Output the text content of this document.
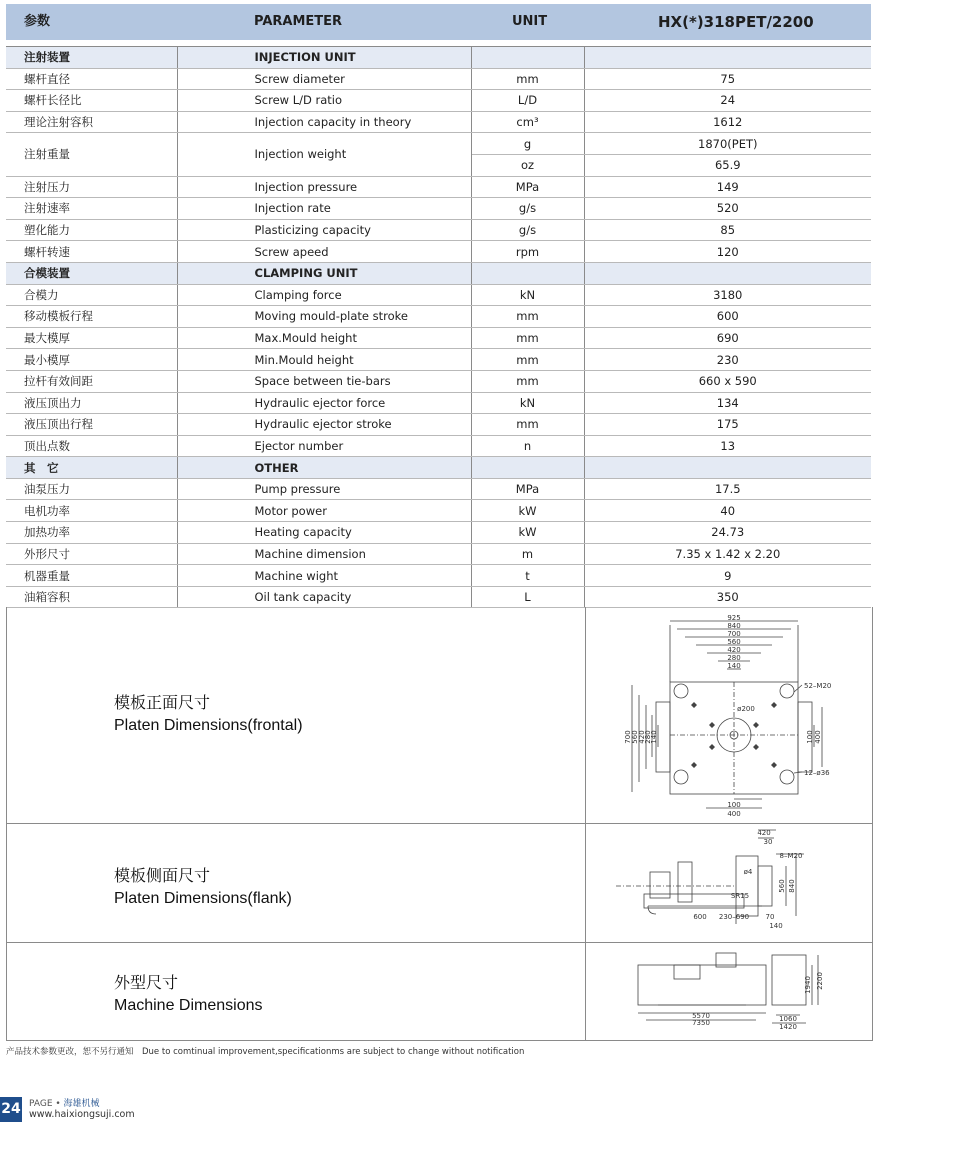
参数	PARAMETER	UNIT	HX(*)318PET/2200
注射装置	INJECTION UNIT		
螺杆直径	Screw diameter	mm	75
螺杆长径比	Screw L/D ratio	L/D	24
理论注射容积	Injection capacity in theory	cm³	1612
注射重量	Injection weight	g	1870(PET)
		oz	65.9
注射压力	Injection pressure	MPa	149
注射速率	Injection rate	g/s	520
塑化能力	Plasticizing capacity	g/s	85
螺杆转速	Screw apeed	rpm	120
合模装置	CLAMPING UNIT		
合模力	Clamping force	kN	3180
移动模板行程	Moving mould-plate stroke	mm	600
最大模厚	Max.Mould height	mm	690
最小模厚	Min.Mould height	mm	230
拉杆有效间距	Space between tie-bars	mm	660 x 590
液压顶出力	Hydraulic ejector force	kN	134
液压顶出行程	Hydraulic ejector stroke	mm	175
顶出点数	Ejector number	n	13
其　它	OTHER		
油泵压力	Pump pressure	MPa	17.5
电机功率	Motor power	kW	40
加热功率	Heating capacity	kW	24.73
外形尺寸	Machine dimension	m	7.35 x 1.42 x 2.20
机器重量	Machine wight	t	9
油箱容积	Oil tank capacity	L	350
模板正面尺寸
Platen Dimensions(frontal)
925
840
700
560
420
280
140
100
400
ø200
52–M20
12–ø36
700 560 420
280
140	100 400
模板侧面尺寸
Platen Dimensions(flank)
420
30
8–M20
ø4
SR15
600 230–690 70
140
560 840
外型尺寸
Machine Dimensions
5570
7350	1060
1420
1940 2200
产品技术参数更改，恕不另行通知　Due to comtinual improvement,specificationms are subject to change without notification
24 PAGE • 海雄机械
www.haixiongsuji.com
